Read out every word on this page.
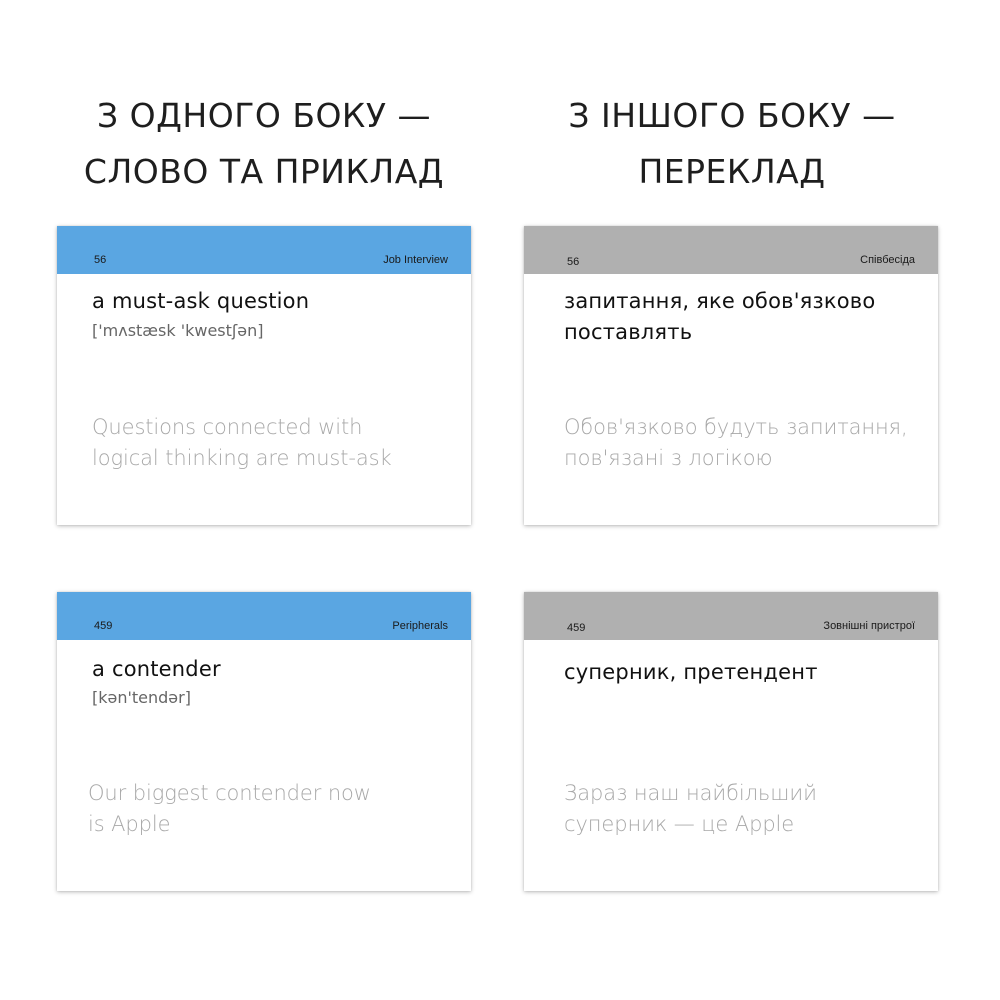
З ОДНОГО БОКУ —
СЛОВО ТА ПРИКЛАД
З ІНШОГО БОКУ —
ПЕРЕКЛАД
56	Job Interview
a must-ask question
['mʌstæsk 'kwestʃən]
Questions connected with
logical thinking are must-ask
56	Співбесіда
запитання, яке обов'язково
поставлять
Обов'язково будуть запитання,
пов'язані з логікою
459	Peripherals
a contender
[kən'tendər]
Our biggest contender now
is Apple
459	Зовнішні пристрої
суперник, претендент
Зараз наш найбільший
суперник — це Apple
